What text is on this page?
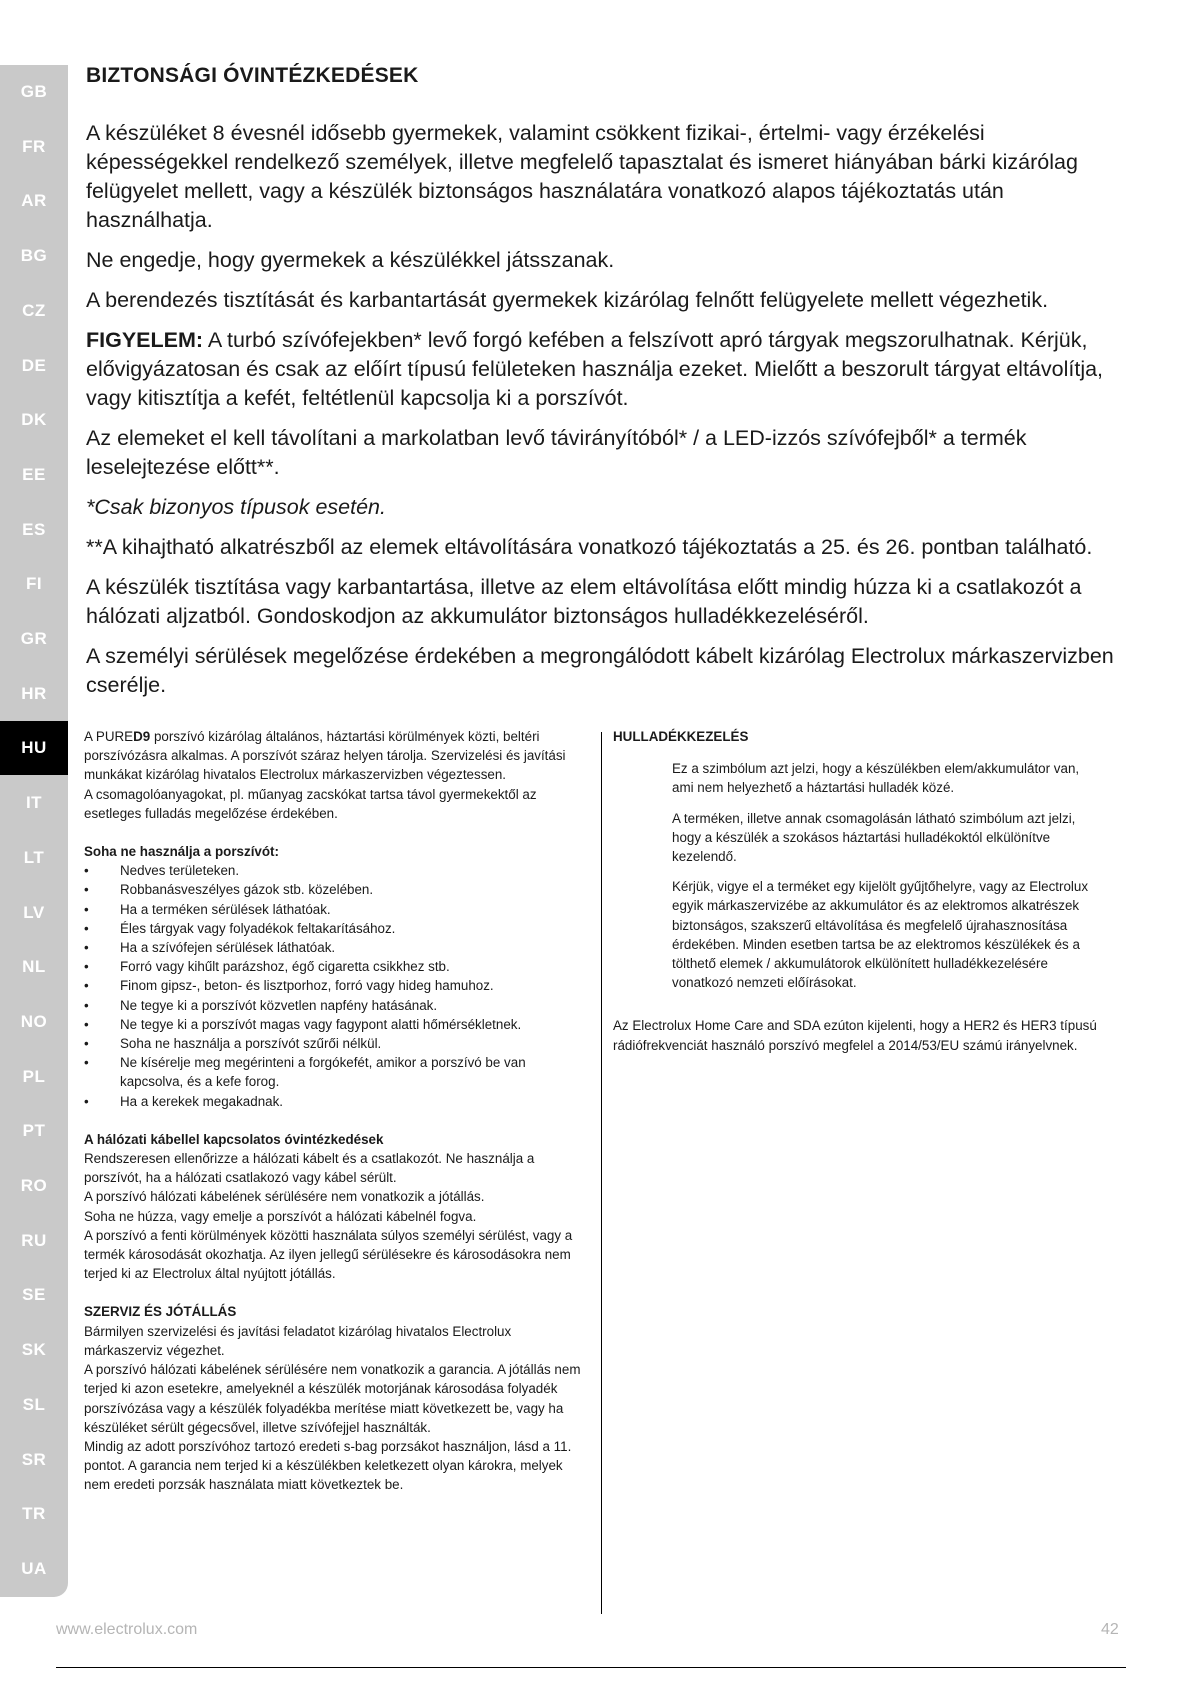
GB
FR
AR
BG
CZ
DE
DK
EE
ES
FI
GR
HR
HU
IT
LT
LV
NL
NO
PL
PT
RO
RU
SE
SK
SL
SR
TR
UA
BIZTONSÁGI ÓVINTÉZKEDÉSEK

A készüléket 8 évesnél idősebb gyermekek, valamint csökkent fizikai-, értelmi- vagy érzékelési képességekkel rendelkező személyek, illetve megfelelő tapasztalat és ismeret hiányában bárki kizárólag felügyelet mellett, vagy a készülék biztonságos használatára vonatkozó alapos tájékoztatás után használhatja.

Ne engedje, hogy gyermekek a készülékkel játsszanak.

A berendezés tisztítását és karbantartását gyermekek kizárólag felnőtt felügyelete mellett végezhetik.

FIGYELEM: A turbó szívófejekben* levő forgó kefében a felszívott apró tárgyak megszorulhatnak. Kérjük, elővigyázatosan és csak az előírt típusú felületeken használja ezeket. Mielőtt a beszorult tárgyat eltávolítja, vagy kitisztítja a kefét, feltétlenül kapcsolja ki a porszívót.

Az elemeket el kell távolítani a markolatban levő távirányítóból* / a LED-izzós szívófejből* a termék leselejtezése előtt**.

*Csak bizonyos típusok esetén.

**A kihajtható alkatrészből az elemek eltávolítására vonatkozó tájékoztatás a 25. és 26. pontban található.

A készülék tisztítása vagy karbantartása, illetve az elem eltávolítása előtt mindig húzza ki a csatlakozót a hálózati aljzatból. Gondoskodjon az akkumulátor biztonságos hulladékkezeléséről.

A személyi sérülések megelőzése érdekében a megrongálódott kábelt kizárólag Electrolux márkaszervizben cserélje.

A PURED9 porszívó kizárólag általános, háztartási körülmények közti, beltéri porszívózásra alkalmas. A porszívót száraz helyen tárolja. Szervizelési és javítási munkákat kizárólag hivatalos Electrolux márkaszervizben végeztessen.

A csomagolóanyagokat, pl. műanyag zacskókat tartsa távol gyermekektől az esetleges fulladás megelőzése érdekében.

Soha ne használja a porszívót:
• Nedves területeken.
• Robbanásveszélyes gázok stb. közelében.
• Ha a terméken sérülések láthatóak.
• Éles tárgyak vagy folyadékok feltakarításához.
• Ha a szívófejen sérülések láthatóak.
• Forró vagy kihűlt parázshoz, égő cigaretta csikkhez stb.
• Finom gipsz-, beton- és lisztporhoz, forró vagy hideg hamuhoz.
• Ne tegye ki a porszívót közvetlen napfény hatásának.
• Ne tegye ki a porszívót magas vagy fagypont alatti hőmérsékletnek.
• Soha ne használja a porszívót szűrői nélkül.
• Ne kísérelje meg megérinteni a forgókefét, amikor a porszívó be van kapcsolva, és a kefe forog.
• Ha a kerekek megakadnak.
A hálózati kábellel kapcsolatos óvintézkedések

Rendszeresen ellenőrizze a hálózati kábelt és a csatlakozót. Ne használja a porszívót, ha a hálózati csatlakozó vagy kábel sérült.

A porszívó hálózati kábelének sérülésére nem vonatkozik a jótállás.

Soha ne húzza, vagy emelje a porszívót a hálózati kábelnél fogva.

A porszívó a fenti körülmények közötti használata súlyos személyi sérülést, vagy a termék károsodását okozhatja. Az ilyen jellegű sérülésekre és károsodásokra nem terjed ki az Electrolux által nyújtott jótállás.

SZERVIZ ÉS JÓTÁLLÁS

Bármilyen szervizelési és javítási feladatot kizárólag hivatalos Electrolux márkaszerviz végezhet.

A porszívó hálózati kábelének sérülésére nem vonatkozik a garancia. A jótállás nem terjed ki azon esetekre, amelyeknél a készülék motorjának károsodása folyadék porszívózása vagy a készülék folyadékba merítése miatt következett be, vagy ha készüléket sérült gégecsővel, illetve szívófejjel használták.

Mindig az adott porszívóhoz tartozó eredeti s-bag porzsákot használjon, lásd a 11. pontot. A garancia nem terjed ki a készülékben keletkezett olyan károkra, melyek nem eredeti porzsák használata miatt következtek be.

HULLADÉKKEZELÉS

Ez a szimbólum azt jelzi, hogy a készülékben elem/akkumulátor van, ami nem helyezhető a háztartási hulladék közé.

A terméken, illetve annak csomagolásán látható szimbólum azt jelzi, hogy a készülék a szokásos háztartási hulladékoktól elkülönítve kezelendő.

Kérjük, vigye el a terméket egy kijelölt gyűjtőhelyre, vagy az Electrolux egyik márkaszervizébe az akkumulátor és az elektromos alkatrészek biztonságos, szakszerű eltávolítása és megfelelő újrahasznosítása érdekében. Minden esetben tartsa be az elektromos készülékek és a tölthető elemek / akkumulátorok elkülönített hulladékkezelésére vonatkozó nemzeti előírásokat.

Az Electrolux Home Care and SDA ezúton kijelenti, hogy a HER2 és HER3 típusú rádiófrekvenciát használó porszívó megfelel a 2014/53/EU számú irányelvnek.

www.electrolux.com	42
